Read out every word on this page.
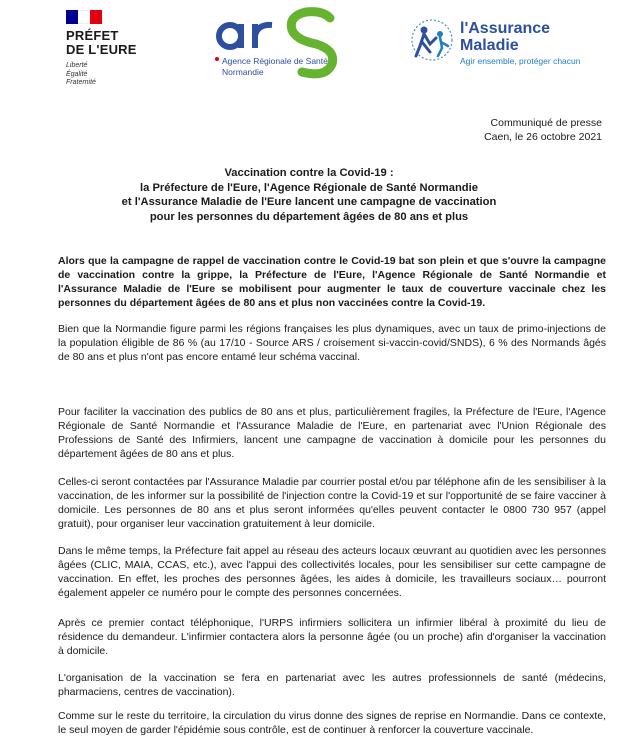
PRÉFET
DE L'EURE
Liberté
Égalité
Fraternité
Agence Régionale de Santé
Normandie
l'Assurance
Maladie
Agir ensemble, protéger chacun
Communiqué de presse
Caen, le 26 octobre 2021
Vaccination contre la Covid-19 :
la Préfecture de l'Eure, l'Agence Régionale de Santé Normandie
et l'Assurance Maladie de l'Eure lancent une campagne de vaccination
pour les personnes du département âgées de 80 ans et plus
Alors que la campagne de rappel de vaccination contre le Covid-19 bat son plein et que s'ouvre la campagne de vaccination contre la grippe, la Préfecture de l'Eure, l'Agence Régionale de Santé Normandie et l'Assurance Maladie de l'Eure se mobilisent pour augmenter le taux de couverture vaccinale chez les personnes du département âgées de 80 ans et plus non vaccinées contre la Covid-19.
Bien que la Normandie figure parmi les régions françaises les plus dynamiques, avec un taux de primo-injections de la population éligible de 86 % (au 17/10 - Source ARS / croisement si-vaccin-covid/SNDS), 6 % des Normands âgés de 80 ans et plus n'ont pas encore entamé leur schéma vaccinal.
Pour faciliter la vaccination des publics de 80 ans et plus, particulièrement fragiles, la Préfecture de l'Eure, l'Agence Régionale de Santé Normandie et l'Assurance Maladie de l'Eure, en partenariat avec l'Union Régionale des Professions de Santé des Infirmiers, lancent une campagne de vaccination à domicile pour les personnes du département âgées de 80 ans et plus.
Celles-ci seront contactées par l'Assurance Maladie par courrier postal et/ou par téléphone afin de les sensibiliser à la vaccination, de les informer sur la possibilité de l'injection contre la Covid-19 et sur l'opportunité de se faire vacciner à domicile. Les personnes de 80 ans et plus seront informées qu'elles peuvent contacter le 0800 730 957 (appel gratuit), pour organiser leur vaccination gratuitement à leur domicile.
Dans le même temps, la Préfecture fait appel au réseau des acteurs locaux œuvrant au quotidien avec les personnes âgées (CLIC, MAIA, CCAS, etc.), avec l'appui des collectivités locales, pour les sensibiliser sur cette campagne de vaccination. En effet, les proches des personnes âgées, les aides à domicile, les travailleurs sociaux… pourront également appeler ce numéro pour le compte des personnes concernées.
Après ce premier contact téléphonique, l'URPS infirmiers sollicitera un infirmier libéral à proximité du lieu de résidence du demandeur. L'infirmier contactera alors la personne âgée (ou un proche) afin d'organiser la vaccination à domicile.
L'organisation de la vaccination se fera en partenariat avec les autres professionnels de santé (médecins, pharmaciens, centres de vaccination).
Comme sur le reste du territoire, la circulation du virus donne des signes de reprise en Normandie. Dans ce contexte, le seul moyen de garder l'épidémie sous contrôle, est de continuer à renforcer la couverture vaccinale.
